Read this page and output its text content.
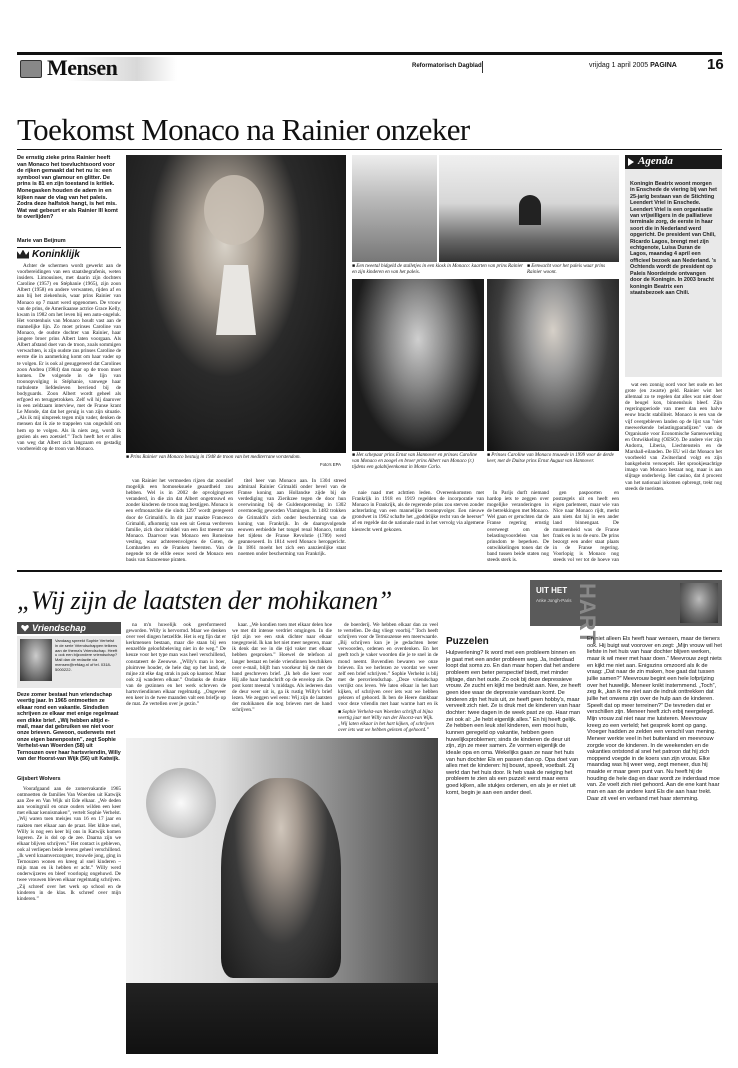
Mensen	Reformatorisch Dagblad	vrijdag 1 april 2005 PAGINA 16
Toekomst Monaco na Rainier onzeker
De ernstig zieke prins Rainier heeft van Monaco het toevluchtsoord voor de rijken gemaakt dat het nu is: een symbool van glamour en glitter. De prins is 81 en zijn toestand is kritiek. Monegasken houden de adem in en kijken naar de vlag van het paleis. Zodra deze halfstok hangt, is het mis. Wat wat gebeurt er als Rainier III komt te overlijden?
Marie van Beijnum
Koninklijk

Achter de schermen wordt gewerkt aan de voorbereidingen van een staatsbegrafenis, weten insiders. Limousines, met daarin zijn dochters Caroline (1957) en Stéphanie (1965), zijn zoon Albert (1958) en andere verwanten, rijden af en aan bij het ziekenhuis, waar prins Rainier van Monaco op 7 maart werd opgenomen. De vrouw van de prins, de Amerikaanse actrice Grace Kelly, kwam in 1982 om het leven bij een auto-ongeluk. Het vorstenhuis van Monaco houdt vast aan de mannelijke lijn. Zo moet prinses Caroline van Monaco, de oudste dochter van Rainier, haar jongere broer prins Albert laten voorgaan. Als Albert afstand doet van de troon, zoals sommigen verwachten, is zijn oudste zus prinses Caroline de eerste die in aanmerking komt om haar vader op te volgen. Er is ook al gesuggereerd dat Carolines zoon Andrea (1984) dan maar op de troon moet komen. De volgende in de lijn van troonopvolging is Stéphanie, vanwege haar turbulente liefdesleven bevriend bij de bodyguards. Zoon Albert wordt geheel als erfgoed en teruggetrokken. Zelf wil hij daarover in een zeldzaam interview, met de Franse krant Le Monde, dat dat het geruig is van zijn situatie. „Als ik mij uitspreek tegen mijn vader, denken de mensen dat ik zie te trappelen van ongeduld om hem op te volgen. Als ik niets zeg, wordt ik gezien als een zoetsief.” Toch heeft het er alles van weg dat Albert zich langzaam en gestadig voorbereidt op de troon van Monaco.

■ Prins Rainier van Monaco bestuig in 1948 de troon van het mediterrane vorstendom.
Foto's EPA
■ Een tweetal bidgeld de stalletjes in een kiosk in Monaco: kaarten van prins Rainier en zijn kinderen en van het paleis.
■ Eenwacht voor het paleis waar prins Rainier woont.
■ Het schepaar prins Ernst van Hannover en prinses Caroline van Monaco en zoogel en broer prins Albert van Monaco (r.) tijdens een galabijeenkomst in Monte Carlo.
■ Prinses Caroline van Monaco trouwde in 1999 voor de derde keer, met de Duitse prins Ernst August van Hannover.

van Rainier het vermoeden rijzen dat zoonlief mogelijk een homoseksuele geaardheid zou hebben. Wel is in 2002 de opvolgingswet veranderd, in die zin dat Albert ongetrouwd en zonder kinderen de troon mag bestijgen. Monaco is een erfmonarchie die sinds 1297 wordt geregeerd door de Grimaldi's. In dit jaar maakte Francesco Grimaldi, afkomstig van een uit Genua verdreven familie, zich door middel van een list meester van Monaco. Daarvoor was Monaco een Romeinse vesting, waar achtereenvolgens de Goten, de Lombarden en de Franken heersten. Van de negende tot de elfde eeuw werd de Monaco een basis van Saraceense piraten.

titel heer van Monaco aan. In 1304 streed admiraal Rainier Grimaldi onder bevel van de Franse koning aan Hollandse zijde bij de verdediging van Zierikzee tegen de door hun overwinning bij de Guldensporenslag in 1302 overmoedig geworden Vlamingen. In 1482 trokken de Grimaldi's zich onder bescherming van de koning van Frankrijk. In de daaropvolgende eeuwen eerbiedde het tongel renal Monaco, totdat het tijdens de Franse Revolutie (1789) werd geannexeerd. In 1814 werd Monaco heropgericht. In 1861 moeht het zich een aanzienlijke staat noemen onder bescherming van Frankrijk.

naie naad met achttien leden. Overeenkomsten met Frankrijk in 1918 en 1919 regelden de incorporatie van Monaco in Frankrijk, als de regerende prins zou sterven zonder achterlating van een mannelijke troonopvolger. Een nieuwe grondwet in 1962 schafte het „goddelijke recht van de heerser” af en regelde dat de nationale raad in het vervolg via algemene kiesrecht werd gekozen.

In Parijs durft niemand hardop iets te zeggen over mogelijke veranderingen in de betrekkingen met Monaco. Wel gaan er geruchten dat de Franse regering ernstig overweegt om de belastingvoordelen van het prinsdom te beperken. De ontwikkelingen tonen dat de band tussen beide staten nog steeds sterk is.

gen paspoorten en postzegels uit en heeft een eigen parlement, maar wie van Nice naar Monaco rijdt, merkt aan niets dat hij in een ander land binnengaat. De munteenheid was de Franse frank en is nu de euro. De prins bezorgt een ander staat plaats in de Franse regering. Voorlopig is Monaco nog steeds vol ver tot de hoeve van

Agenda
Koningin Beatrix woont morgen in Enschede de viering bij van het 25-jarig bestaan van de Stichting Leendert Vriel in Enschede. Leendert Vriel is een organisatie van vrijwilligers in de palliatieve terminale zorg, de eerste in haar soort die in Nederland werd opgericht. De president van Chili, Ricardo Lagos, brengt met zijn echtgenote, Luisa Duran de Lagos, maandag 4 april een officieel bezoek aan Nederland. 's Ochtends wordt de president op Paleis Noordeinde ontvangen door de Koningin. In 2003 bracht koningin Beatrix een staatsbezoek aan Chili.

wat een zonnig oord voor het oude en het grote (en zwarte) geld. Rainier wist het allemaal zo te regelen dat alles wat niet door de beugel kon, binnenshuis bleef. Zijn regeringsperiode van meer dan een halve eeuw bracht stabiliteit. Monaco is een van de vijf overgebleven landen op de lijst van "niet meewerkende belastingparadijzen" van de Organisatie voor Economische Samenwerking en Ontwikkeling (OESO). De andere vier zijn Andorra, Liberia, Liechtenstein en de Marshall-eilanden. De EU wil dat Monaco het voorbeeld van Zwitserland volgt en zijn bankgeheim versoepelt. Het sprookjesachtige imago van Monaco bestaat nog, maar is aan slijtage onderhevig. Het casino, dat 4 procent van het nationaal inkomen opbrengt, trekt nog steeds de toeristen.

„Wij zijn de laatsten der mohikanen”	UIT HET HART
Anke Jongh-Paris
Vriendschap
Vandaag spreekt Sophie Verhelst in de serie Vriendschappen telkens aan de thema's Vriendschap. Heeft u ook een bijzondere vriendschap? Mail dan de redactie via mensen@refdag.nl of tel. 0318-5000222.
Deze zomer bestaat hun vriendschap veertig jaar. In 1965 ontmoetten ze elkaar rond een vakantie. Sindsdien schrijven ze elkaar met enige regelmaat een dikke brief. „Wij hebben altijd e-mail, maar dat gebruiken we niet voor onze brieven. Gewoon, ouderwets met onze eigen banenposten”, zegt Sophie Verhelst-van Woerden (58) uit Ternouzen over haar hartsvriendin, Willy van der Hoorst-van Wijk (56) uit Katwijk.
Gijsbert Wolvers

Voorafgaand aan de zomervakantie 1965 ontmoetten de families Van Woerden uit Katwijk aan Zee en Van Wijk uit Ede elkaar. „We deden aan woningruil en onze ouders wilden een keer met elkaar kennismaken”, vertelt Sophie Verhelst. „Wij waren toen meisjes van 16 en 17 jaar en raakten met elkaar aan de praat. Het klikte snel, Willy is nog een keer bij ons in Katwijk komen logeren. Ze is dol op de zee. Daarna zijn we elkaar blijven schrijven.” Het contact is gebleven, ook al verliepen beide levens geheel verschillend. „Ik werd kraamverzorgster, trouwde jong, ging in Ternouzen wonen en kreeg al snel kinderen – mijn man en ik hebben er acht.” Willy werd onderwijzeres en bleef voorlopig ongehuwd. De twee vrouwen bleven elkaar regelmatig schrijven. „Zij schreef over het werk op school en de kinderen in de klas. Ik schreef over mijn kinderen.”

na m'n huwelijk ook gereformeerd geworden. Willy is hervormd. Maar we denken over veel dingen hetzelfde. Het is erg fijn dat er kerkmensen bestaan, maar die staan bij een eenzelfde geloofsbeleving niet in de weg.” De keuze voor het type man was heel verschillend, constateert de Zeeuwse. „Willy's man is boer, pluimvee houder, de hele dag op het land, de mijne zit elke dag strak in pak op kantoor. Maar ook zij wanderen elkaar.” Ondanks de drukte van de gezinnen en het werk schreven de hartsvriendinnen elkaar regelmatig. „Ongeveer een keer in de twee maanden valt een briefje op de mat. Ze vertellen over je gezin.”

kaar. „We kondien toen met elkaar delen hoe we met dit intense verdriet omgingen. In die tijd zijn we een stuk dichter naar elkaar toegegroeid. Ik kan het niet meer negeren, maar ik denk dat we in die tijd vaker met elkaar hebben gesproken.” Hoewel de telefoon al langer bestaat en beide vriendinnen beschikken over e-mail, blijft hun voorkeur bij de met de hand geschreven brief. „Ik heb die keer voor Hij alle haar handschrift op de envelop zie. De post komt meestal 's middags. Als iedereen dan de deur weer uit is, ga ik rustig Willy's brief lezen. We zeggen wel eens: Wij zijn de laatsten der mohikanen die nog brieven met de hand schrijven.”

de boerderij. We hebben elkaar dan zo veel te vertellen. De dag vliegt voorbij.” Toch heeft schrijven voor de Ternouzense een meerwaarde. „Bij schrijven kun je je gedachten beter verwoorden, ordenen en overdenken. En het geeft toch je vaker woorden die je te snel in de mond neemt. Bovendien bewaren we onze brieven. En we herlezen ze voordat we weer zelf een brief schrijven.” Sophie Verhelst is blij met de persvriendschap. „Deze vriendschap verrijkt ons leven. We laten elkaar in het hart kijken, of schrijven over iets wat we hebben gelezen of gehoord. Ik ben de Heere dankbaar voor deze vriendin met haar warme hart en ik

■ Sophie Verhelst-van Woerden schrijft al bijna veertig jaar met Willy van der Hoorst-van Wijk. „Wij laten elkaar in het hart kijken, of schrijven over iets wat we hebben gelezen of gehoord.”
Puzzelen
Hulpverlening? Ik word met een probleem binnen en je gaat met een ander probleem weg. Ja, inderdaad loopt dat soms zo. En dan maar hopen dat het andere probleem een beter perspectief biedt, met minder slijtage, dan het oude. Zo ook bij deze depressieve vrouw. Ze zucht en kijkt me bedrukt aan. Nee, ze heeft geen idee waar de depressie vandaan komt. De kinderen zijn het huis uit, ze heeft geen hobby's, maar verveelt zich niet. Ze is druk met de kinderen van haar dochter: twee dagen in de week past ze op. Haar man zei ook al: „Je hebt eigenlijk alles.” En hij heeft gelijk. Ze hebben een leuk stel kinderen, een mooi huis, kunnen geregeld op vakantie, hebben geen huwelijksproblemen; sinds de kinderen de deur uit zijn, zijn ze meer samen. Ze vormen eigenlijk de ideale opa en oma. Wekelijks gaan ze naar het huis van hun dochter Els en passen dan op. Opa doet van alles met de kinderen: hij bouwt, speelt, voetbalt. Zij werkt dan het huis door. Ik heb vaak de neiging het probleem te zien als een puzzel: eerst maar eens goed kijken, alle stukjes ordenen, en als je er niet uit komt, begin je aan een ander deel.
En niet alleen Els heeft haar wensen, maar de tieners ook. Hij buigt wat voorover en zegt: „Mijn vrouw wil het liefste in het huis van haar dochter blijven werken, maar ik wil meer met haar doen.” Meevrouw zegt niets en kijkt me niet aan. Enigszins omzoord als ik de vraag: „Dat naar de zin maken, hoe gaat dat tussen jullie samen?” Meevrouw begint een hele lofprijzing over het huwelijk. Meneer knikt instemmend. „Toch”, zeg ik, „kan ik me niet aan de indruk onttrekken dat jullie het onwens zijn over de hulp aan de kinderen. Speelt dat op meer terreinen?” De tevreden dat er verschillen zijn. Meneer heeft zich erbij neergelegd. Mijn vrouw zal niet naar me luisteren. Meevrouw kreeg zo een verteld; het gesprek komt op gang. Vroeger hadden ze zelden een verschil van mening. Meneer werkte veel in het buitenland en meevrouw zorgde voor de kinderen. In de weekenden en de vakanties ontstond al snel het patroon dat hij zich moppend voegde in de koers van zijn vrouw. Elke maandag was hij weer weg, zegt meneer, dus hij maakte er maar geen punt van. Nu heeft hij de houding de hele dag en daar wordt ze inderdaad moe van. Ze voelt zich niet gehoord. Aan de ene kant haar man en aan de andere kant Els die aan haar trekt. Daar zit veel en verband met haar stemming.
